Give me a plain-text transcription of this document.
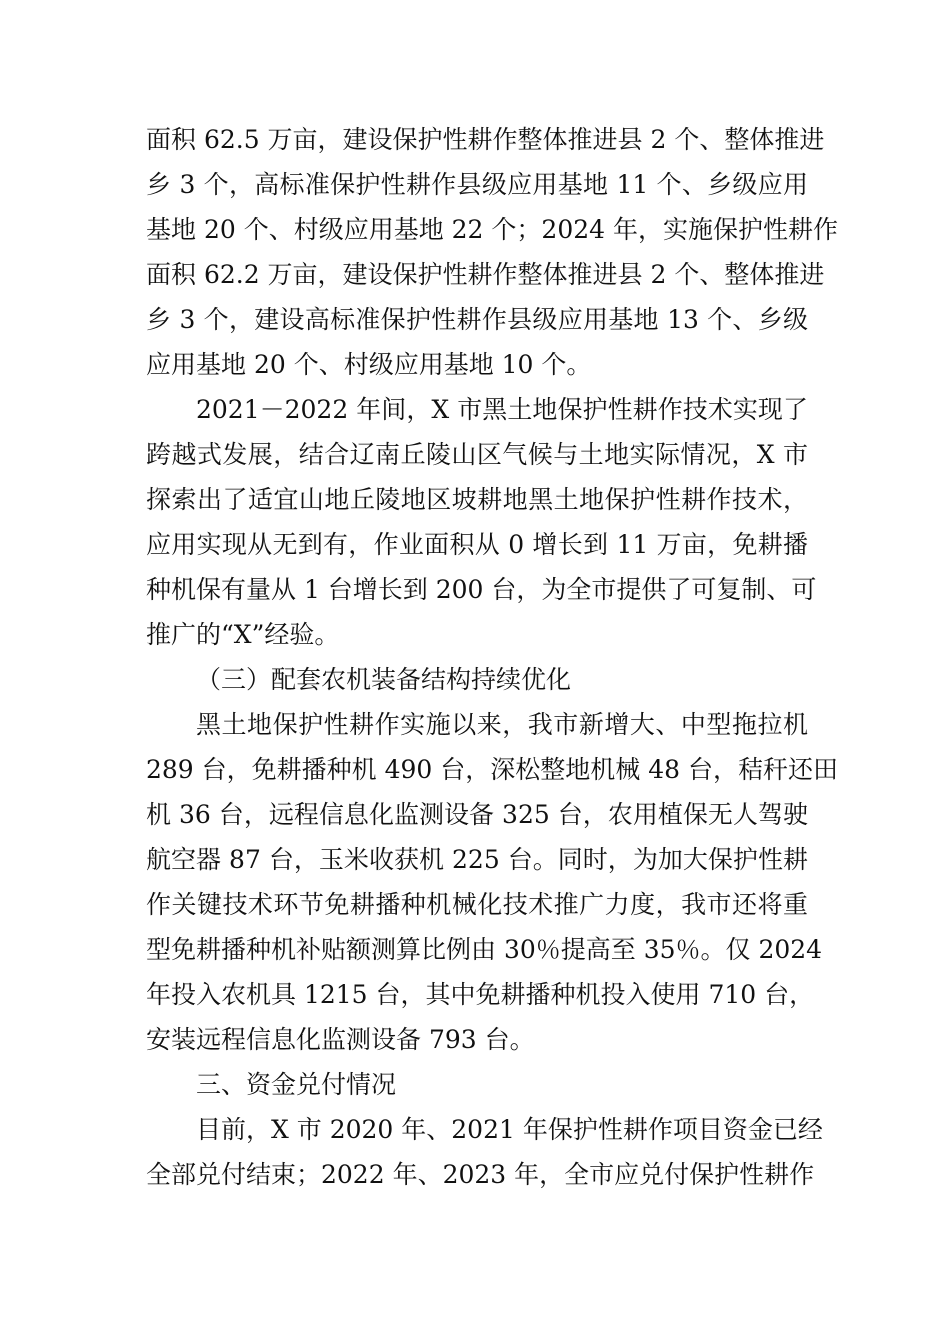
面积 62.5 万亩，建设保护性耕作整体推进县 2 个、整体推进
乡 3 个，高标准保护性耕作县级应用基地 11 个、乡级应用
基地 20 个、村级应用基地 22 个；2024 年，实施保护性耕作
面积 62.2 万亩，建设保护性耕作整体推进县 2 个、整体推进
乡 3 个，建设高标准保护性耕作县级应用基地 13 个、乡级
应用基地 20 个、村级应用基地 10 个。
2021－2022 年间，X 市黑土地保护性耕作技术实现了
跨越式发展，结合辽南丘陵山区气候与土地实际情况，X 市
探索出了适宜山地丘陵地区坡耕地黑土地保护性耕作技术，
应用实现从无到有，作业面积从 0 增长到 11 万亩，免耕播
种机保有量从 1 台增长到 200 台，为全市提供了可复制、可
推广的“X”经验。
（三）配套农机装备结构持续优化
黑土地保护性耕作实施以来，我市新增大、中型拖拉机
289 台，免耕播种机 490 台，深松整地机械 48 台，秸秆还田
机 36 台，远程信息化监测设备 325 台，农用植保无人驾驶
航空器 87 台，玉米收获机 225 台。同时，为加大保护性耕
作关键技术环节免耕播种机械化技术推广力度，我市还将重
型免耕播种机补贴额测算比例由 30％提高至 35％。仅 2024
年投入农机具 1215 台，其中免耕播种机投入使用 710 台，
安装远程信息化监测设备 793 台。
三、资金兑付情况
目前，X 市 2020 年、2021 年保护性耕作项目资金已经
全部兑付结束；2022 年、2023 年，全市应兑付保护性耕作
